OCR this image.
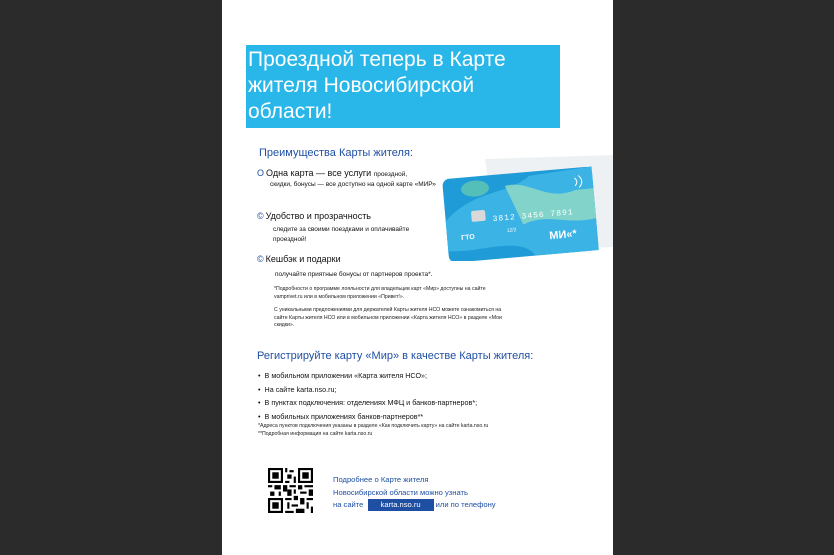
Проездной теперь в Карте жителя Новосибирской области!
Преимущества Карты жителя:
O Одна карта — все услуги проездной,
скидки, бонусы — все доступно на одной карте «МИР»
© Удобство и прозрачность
следите за своими поездками и оплачивайте проездной!
© Кешбэк и подарки
получайте приятные бонусы от партнеров проекта*.
*Подробности о программе лояльности для владельцев карт «Мир» доступны на сайте vamprivet.ru или в мобильном приложении «Привет!».
С уникальными предложениями для держателей Карты жителя НСО можете ознакомиться на сайте Карты жителя НСО или в мобильном приложении «Карта жителя НСО» в разделе «Мои скидки».
ГТО
3812 3456 7891
12/2	МИ«*
Регистрируйте карту «Мир» в качестве Карты жителя:
• В мобильном приложении «Карта жителя НСО»;
• На сайте karta.nso.ru;
• В пунктах подключения: отделениях МФЦ и банков-партнеров*;
• В мобильных приложениях банков-партнеров**
*Адреса пунктов подключения указаны в разделе «Как подключить карту» на сайте karta.nso.ru
**Подробная информация на сайте karta.nso.ru
Подробнее о Карте жителя
Новосибирской области можно узнать
на сайте karta.nso.ru или по телефону
